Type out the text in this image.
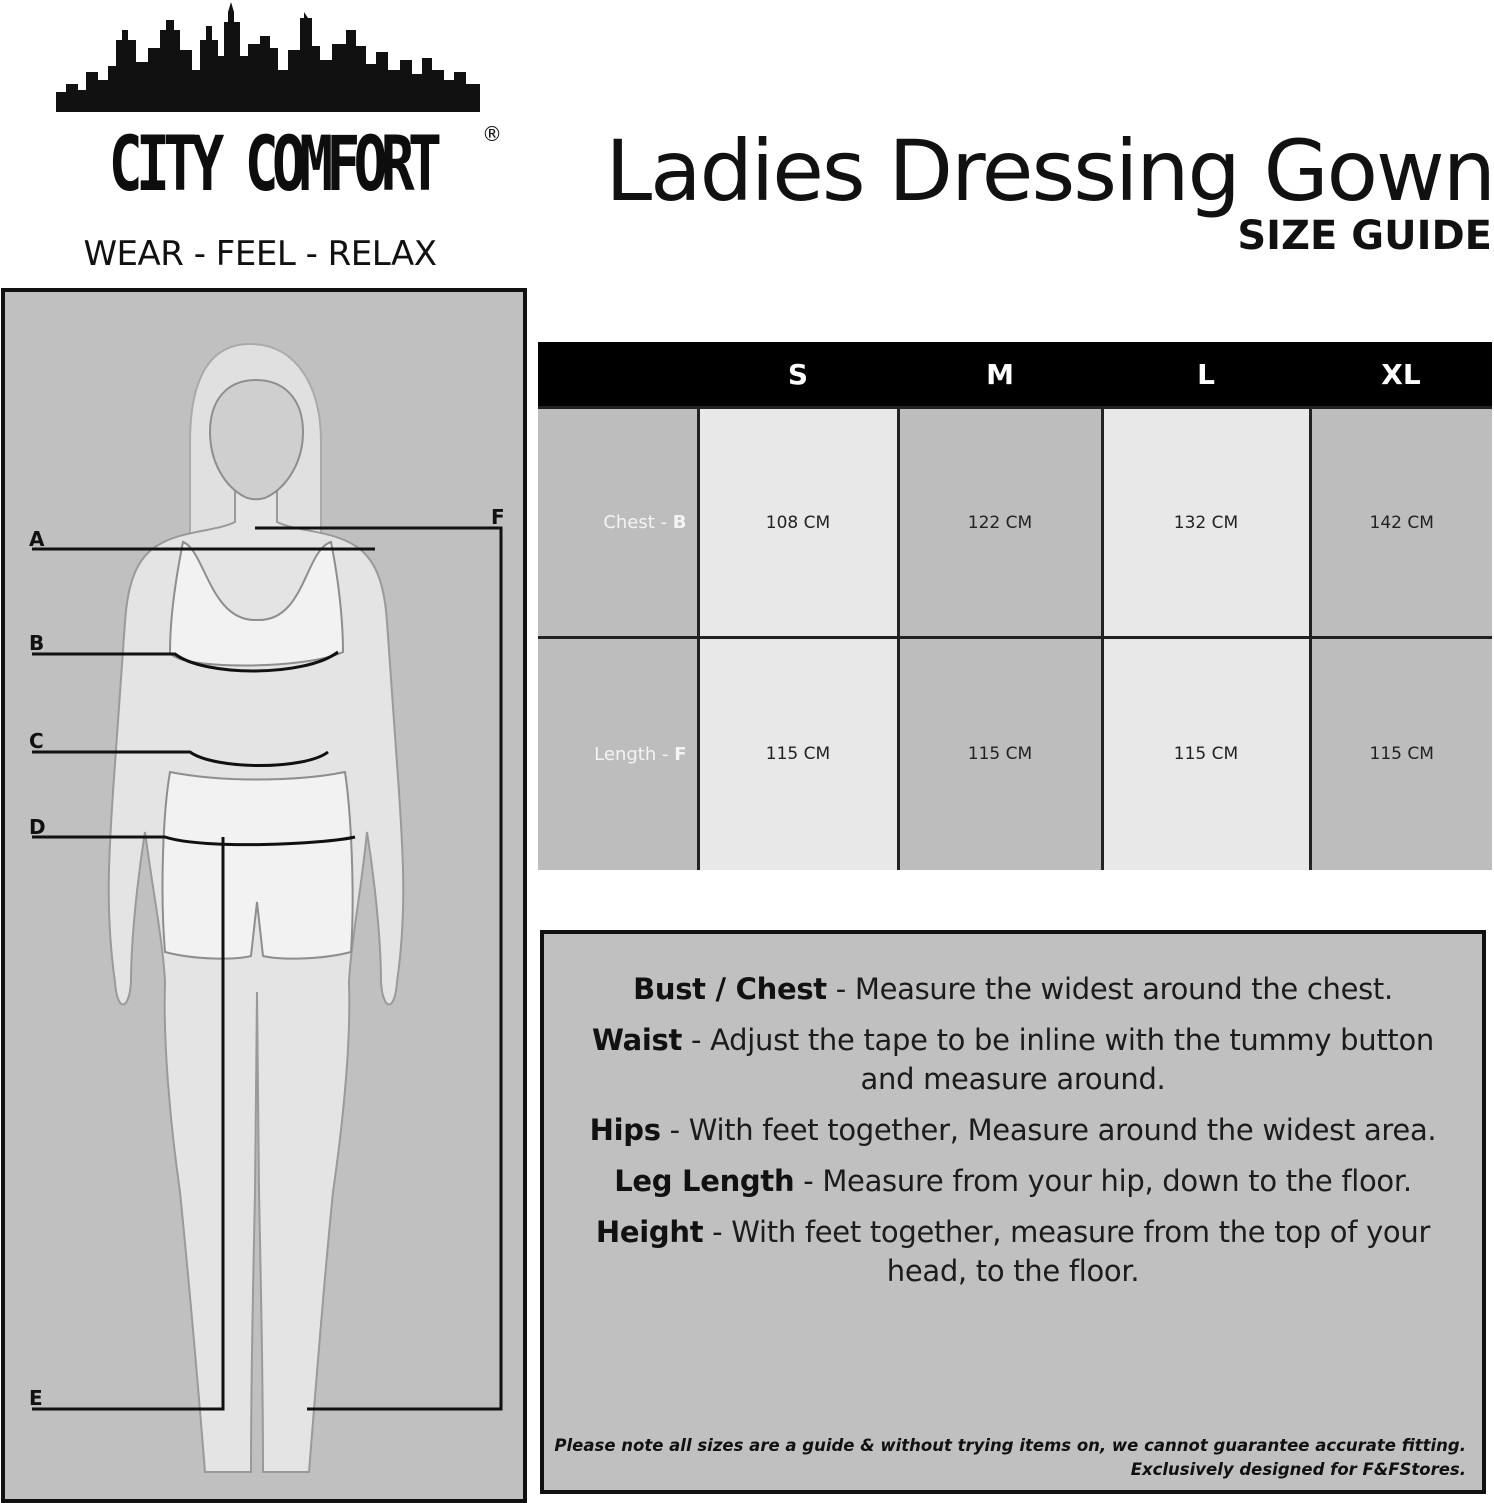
CITY COMFORT	®
WEAR - FEEL - RELAX
Ladies Dressing Gown
SIZE GUIDE
A
B
C
D
E
F
	S	M	L	XL
Chest - B	108 CM	122 CM	132 CM	142 CM
Length - F	115 CM	115 CM	115 CM	115 CM
Bust / Chest - Measure the widest around the chest.
Waist - Adjust the tape to be inline with the tummy button and measure around.
Hips - With feet together, Measure around the widest area.
Leg Length - Measure from your hip, down to the floor.
Height - With feet together, measure from the top of your head, to the floor.
Please note all sizes are a guide & without trying items on, we cannot guarantee accurate fitting.
Exclusively designed for F&FStores.
